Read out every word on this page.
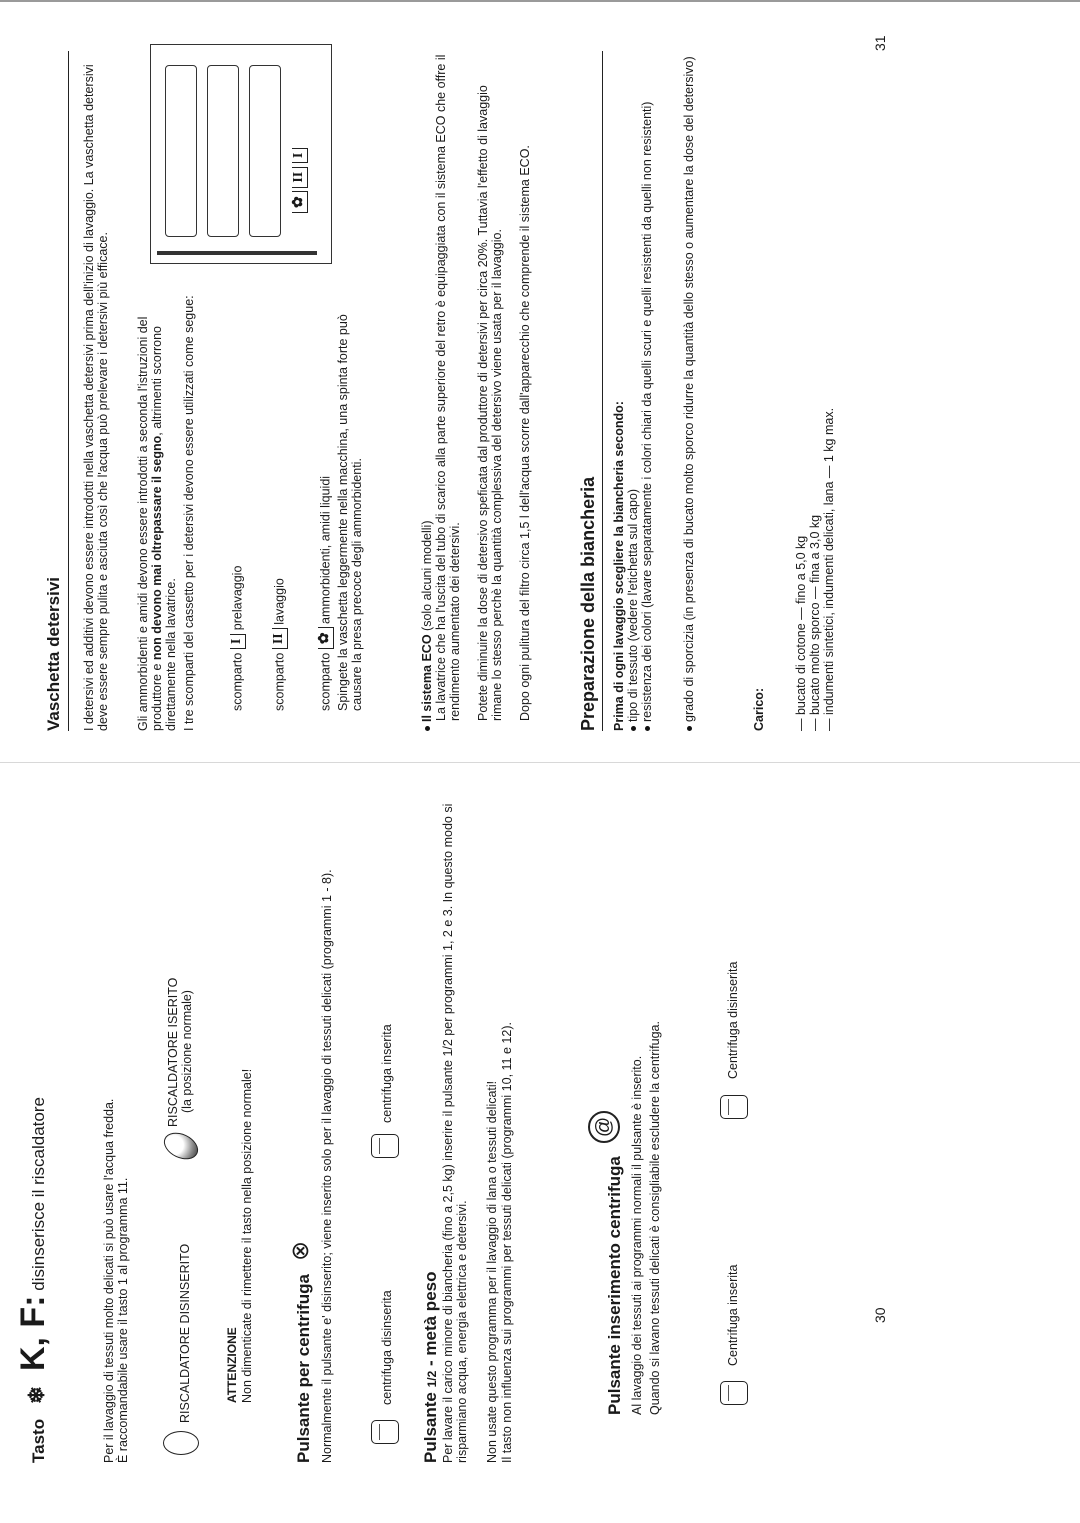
Tasto ❄ K, F: disinserisce il riscaldatore	Per il lavaggio di tessuti molto delicati si può usare l'acqua fredda. È raccomandabile usare il tasto 1 al programma 11.	RISCALDATORE DISINSERITO

RISCALDATORE ISERITO (la posizione normale)

ATTENZIONE Non dimenticate di rimettere il tasto nella posizione normale! Pulsante per centrifuga
⊗ Normalmente il pulsante e' disinserito; viene inserito solo per il lavaggio di tessuti delicati (programmi 1 - 8).	centrifuga disinserita

centrifuga inserita

Pulsante 1/2 - metà peso Per lavare il carico minore di biancheria (fino a 2,5 kg) inserire il pulsante 1/2 per programmi 1, 2 e 3. In questo modo si risparmiano acqua, energia elettrica e detersivi. Non usate questo programma per il lavaggio di lana o tessuti delicati! Il tasto non influenza sui programmi per tessuti delicati (programmi 10, 11 e 12).	Pulsante inserimento centrifuga
@	Al lavaggio dei tessuti ai programmi normali il pulsante è inserito. Quando si lavano tessuti delicati è consigliabile escludere la centrifuga.	Centrifuga inserita

Centrifuga disinserita

30

Vaschetta detersivi I detersivi ed additivi devono essere introdotti nella vaschetta detersivi prima dell'inizio di lavaggio. La vaschetta detersivi deve essere sempre pulita e asciuta così che l'acqua può prelevare i detersivi più efficace. Gli ammorbidenti e amidi devono essere introdotti a seconda l'istruzioni del produttore e non devono mai oltrepassare il segno, altrimenti scorrono direttamente nella lavatrice. I tre scomparti del cassetto per i detersivi devono essere utilizzati come segue:	scomparto I prelavaggio
scomparto II lavaggio
scomparto ✿ ammorbidenti, amidi liquidi Spingete la vaschetta leggermente nella macchina, una spinta forte può causare la presa precoce degli ammorbidenti.

✿ II I

Il sistema ECO (solo alcuni modelli) La lavatrice che ha l'uscita del tubo di scarico alla parte superiore del retro è equipaggiata con il sistema ECO che offre il rendimento aumentato dei detersivi. Potete diminuire la dose di detersivo speficata dal produttore di detersivi per circa 20%. Tuttavia l'effetto di lavaggio rimane lo stesso perchè la quantità complessiva del detersivo viene usata per il lavaggio. Dopo ogni pulitura del filtro circa 1,5 l dell'acqua scorre dall'apparecchio che comprende il sistema ECO.	Preparazione della biancheria Prima di ogni lavaggio scegliere la biancheria secondo: tipo di tessuto (vedere l'etichetta sul capo) resistenza dei colori (lavare separatamente i colori chiari da quelli scuri e quelli resistenti da quelli non resistenti) grado di sporcizia (in presenza di bucato molto sporco ridurre la quantità dello stesso o aumentare la dose del detersivo)	Carico: — bucato di cotone — fino a 5,0 kg — bucato molto sporco — fina a 3,0 kg — indumenti sintetici, indumenti delicati, lana — 1 kg max.

31
